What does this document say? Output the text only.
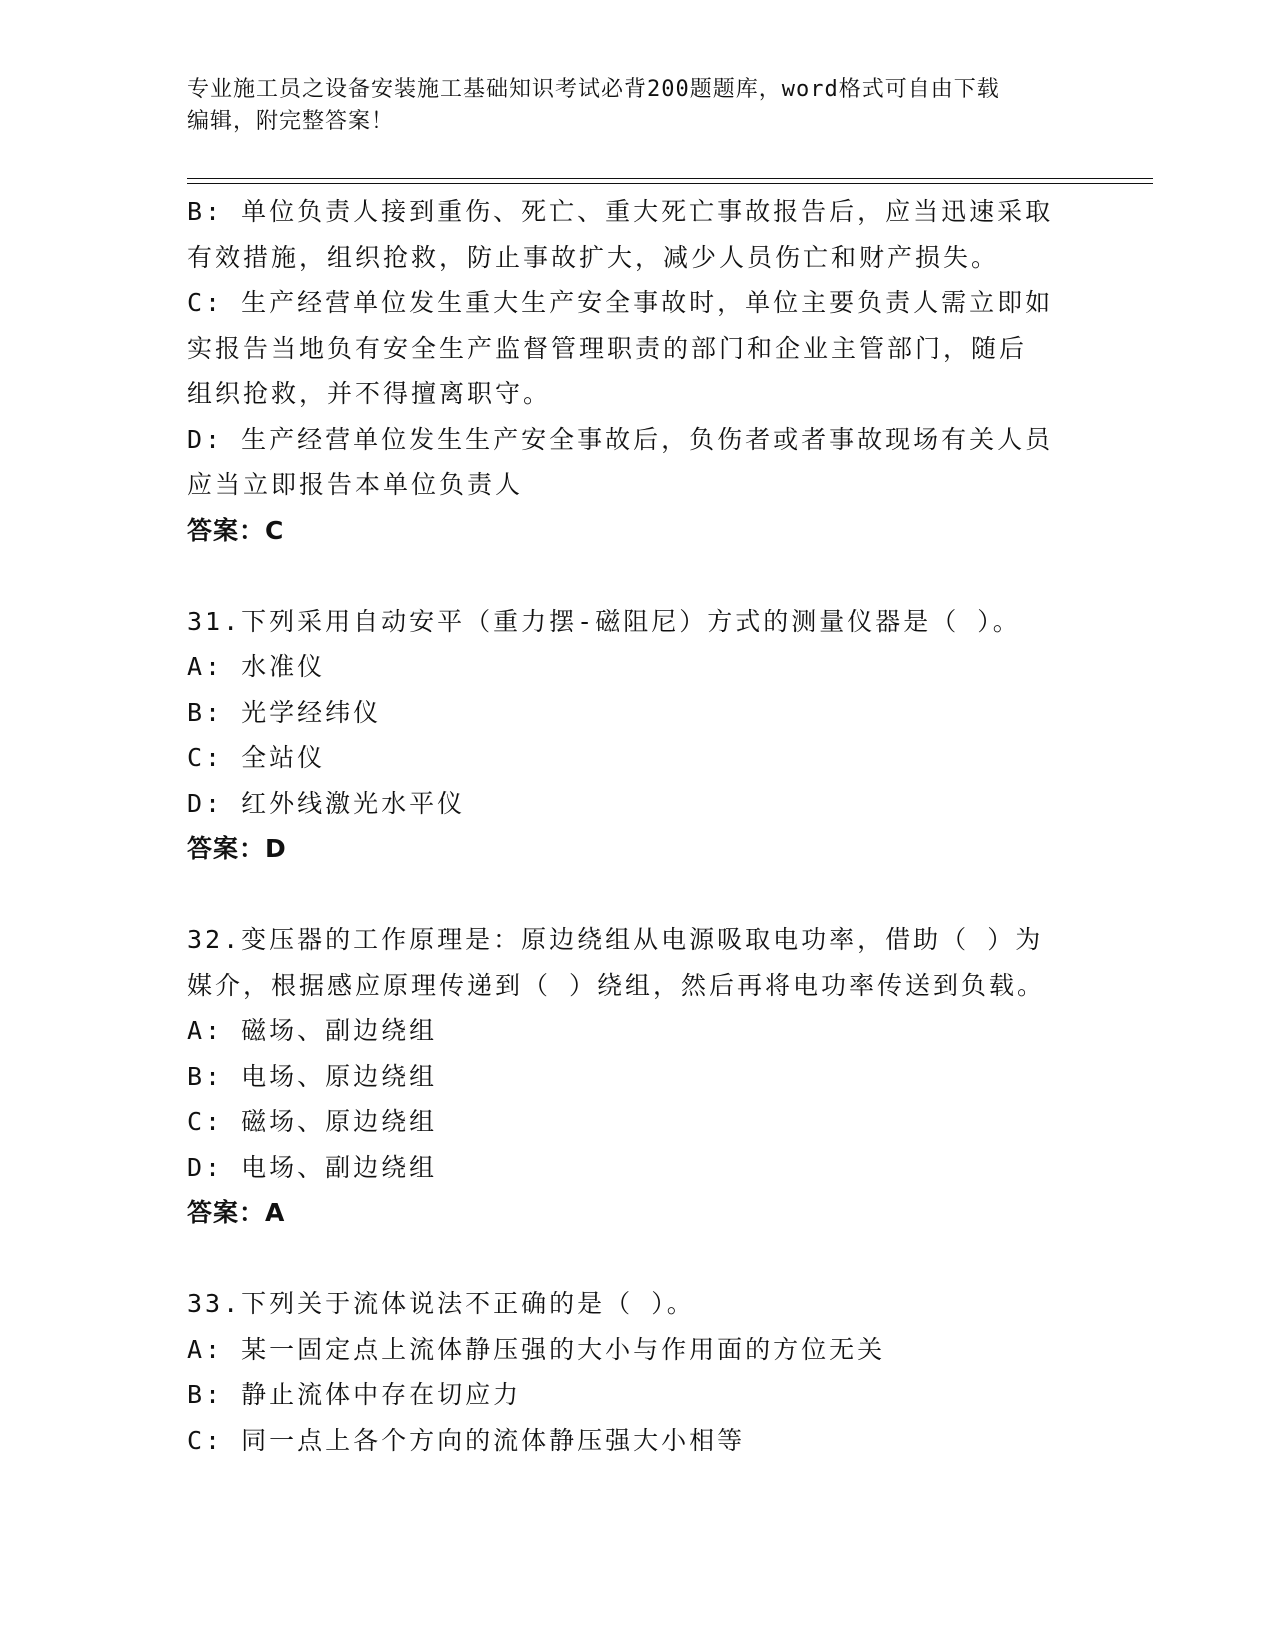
专业施工员之设备安装施工基础知识考试必背200题题库，word格式可自由下载
编辑，附完整答案！
B: 单位负责人接到重伤、死亡、重大死亡事故报告后，应当迅速采取
有效措施，组织抢救，防止事故扩大，减少人员伤亡和财产损失。
C: 生产经营单位发生重大生产安全事故时，单位主要负责人需立即如
实报告当地负有安全生产监督管理职责的部门和企业主管部门，随后
组织抢救，并不得擅离职守。
D: 生产经营单位发生生产安全事故后，负伤者或者事故现场有关人员
应当立即报告本单位负责人
答案：C
31.下列采用自动安平（重力摆-磁阻尼）方式的测量仪器是（ ）。
A: 水准仪
B: 光学经纬仪
C: 全站仪
D: 红外线激光水平仪
答案：D
32.变压器的工作原理是：原边绕组从电源吸取电功率，借助（ ）为
媒介，根据感应原理传递到（ ）绕组，然后再将电功率传送到负载。
A: 磁场、副边绕组
B: 电场、原边绕组
C: 磁场、原边绕组
D: 电场、副边绕组
答案：A
33.下列关于流体说法不正确的是（ ）。
A: 某一固定点上流体静压强的大小与作用面的方位无关
B: 静止流体中存在切应力
C: 同一点上各个方向的流体静压强大小相等
